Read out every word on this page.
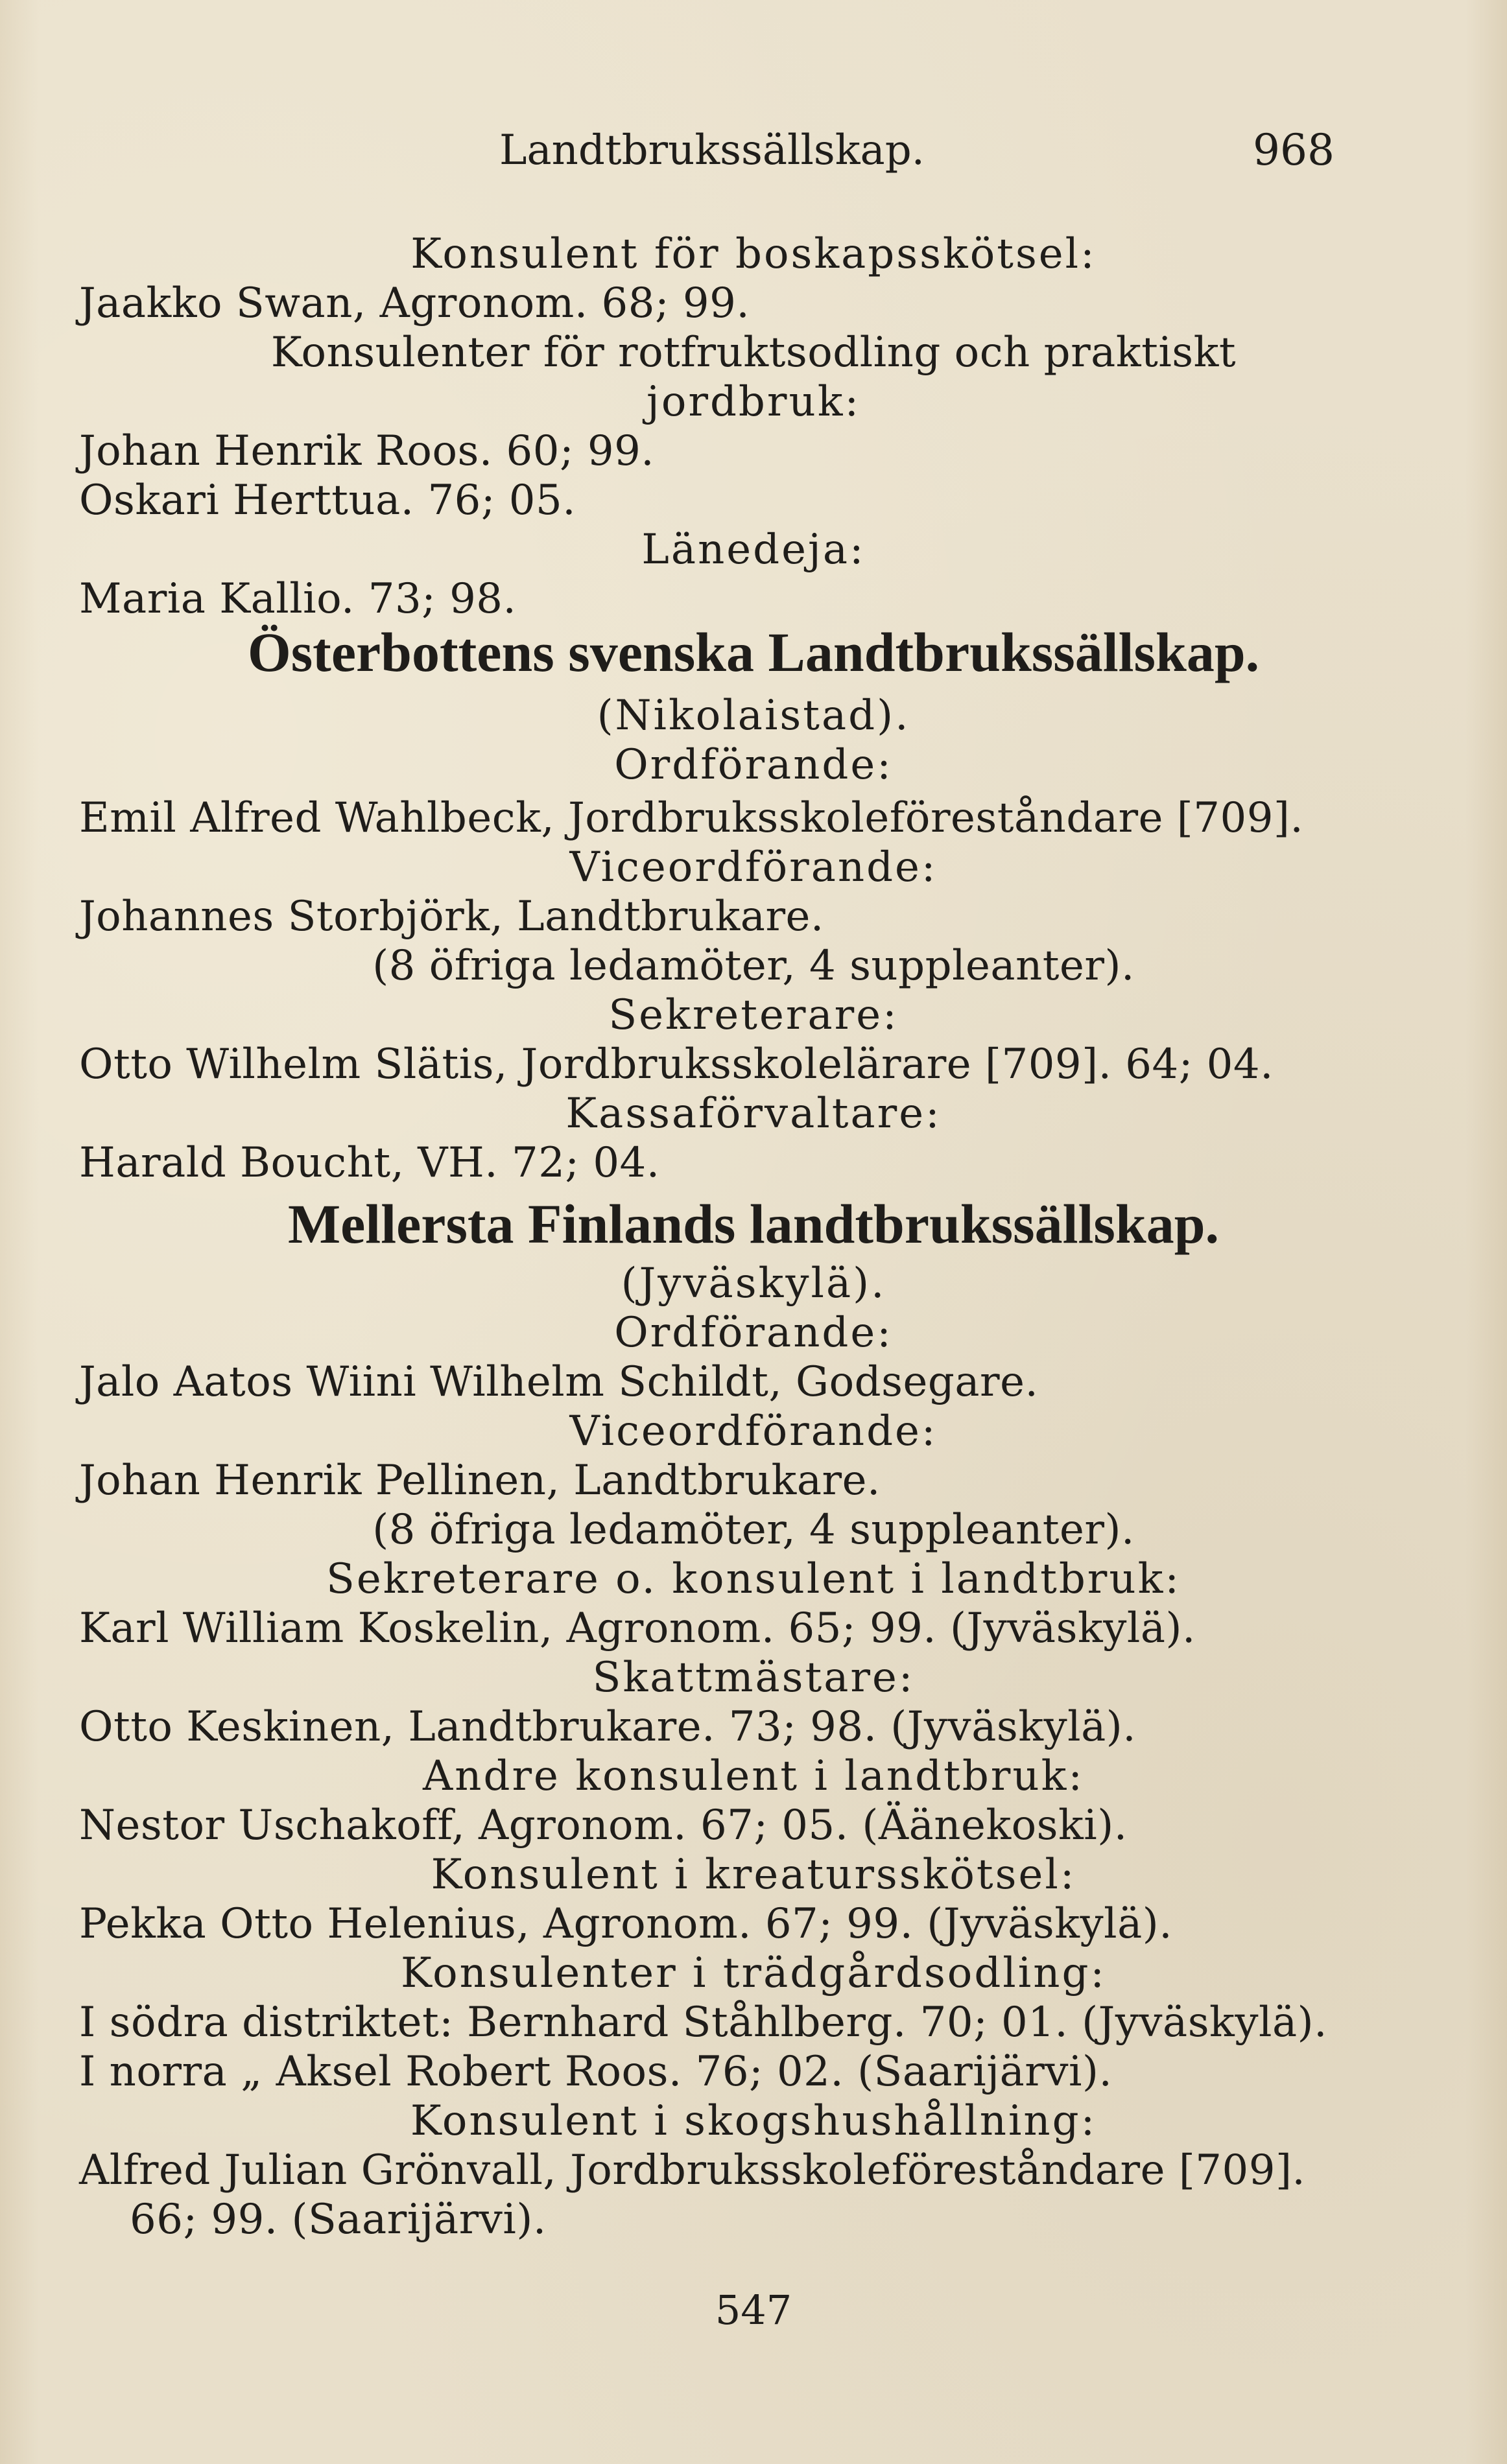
Landtbrukssällskap.	968
Konsulent för boskapsskötsel:
Jaakko Swan, Agronom. 68; 99.
Konsulenter för rotfruktsodling och praktiskt
jordbruk:
Johan Henrik Roos. 60; 99.
Oskari Herttua. 76; 05.
Länedeja:
Maria Kallio. 73; 98.
Österbottens svenska Landtbrukssällskap.
(Nikolaistad).
Ordförande:
Emil Alfred Wahlbeck, Jordbruksskoleföreståndare [709].
Viceordförande:
Johannes Storbjörk, Landtbrukare.
(8 öfriga ledamöter, 4 suppleanter).
Sekreterare:
Otto Wilhelm Slätis, Jordbruksskolelärare [709]. 64; 04.
Kassaförvaltare:
Harald Boucht, VH. 72; 04.
Mellersta Finlands landtbrukssällskap.
(Jyväskylä).
Ordförande:
Jalo Aatos Wiini Wilhelm Schildt, Godsegare.
Viceordförande:
Johan Henrik Pellinen, Landtbrukare.
(8 öfriga ledamöter, 4 suppleanter).
Sekreterare o. konsulent i landtbruk:
Karl William Koskelin, Agronom. 65; 99. (Jyväskylä).
Skattmästare:
Otto Keskinen, Landtbrukare. 73; 98. (Jyväskylä).
Andre konsulent i landtbruk:
Nestor Uschakoff, Agronom. 67; 05. (Äänekoski).
Konsulent i kreatursskötsel:
Pekka Otto Helenius, Agronom. 67; 99. (Jyväskylä).
Konsulenter i trädgårdsodling:
I södra distriktet: Bernhard Ståhlberg. 70; 01. (Jyväskylä).
I norra „ Aksel Robert Roos. 76; 02. (Saarijärvi).
Konsulent i skogshushållning:
Alfred Julian Grönvall, Jordbruksskoleföreståndare [709].
66; 99. (Saarijärvi).
547
